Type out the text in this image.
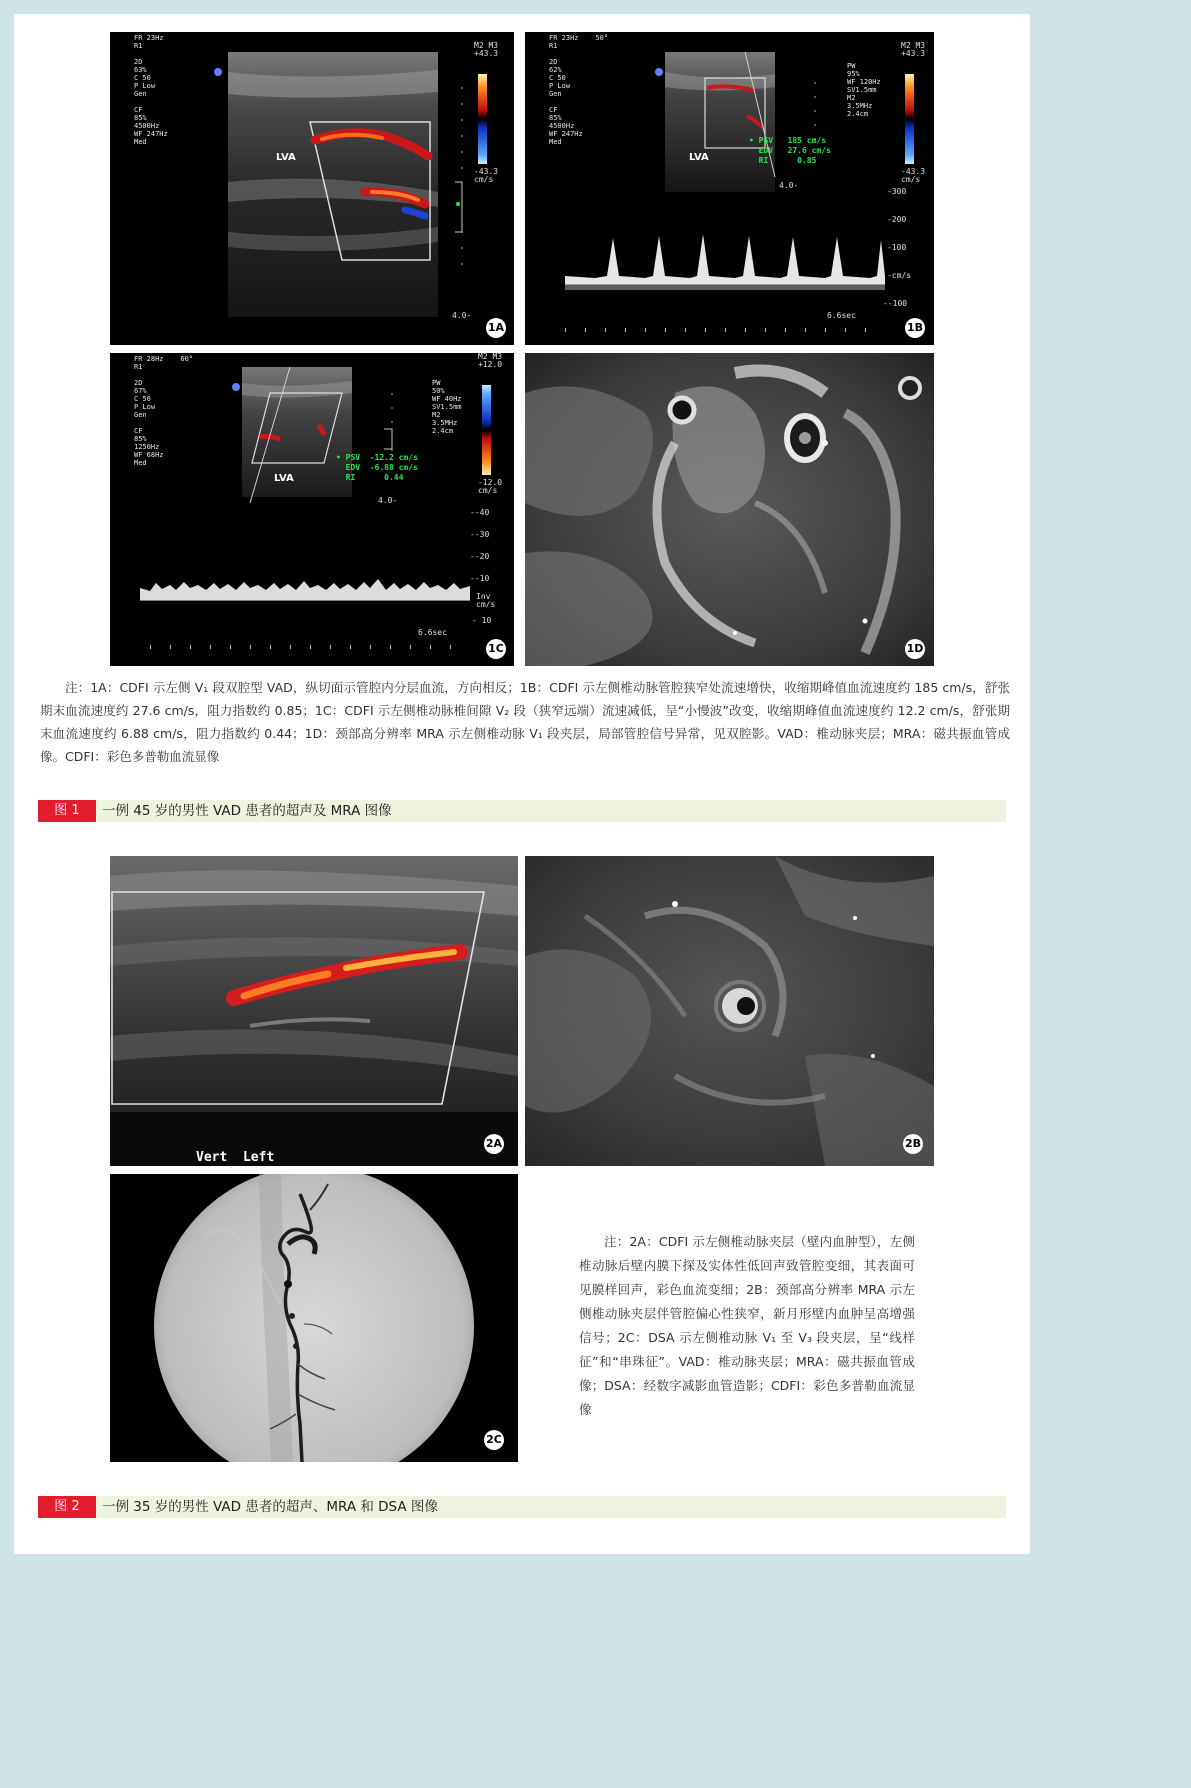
FR 23Hz
R1

2D
63%
C 50
P Low
Gen

CF
85%
4500Hz
WF 247Hz
Med
LVA
M2 M3
+43.3
-43.3
cm/s
4.0-
1A
FR 23Hz    50°
R1

2D
62%
C 50
P Low
Gen

CF
85%
4500Hz
WF 247Hz
Med
PW
95%
WF 120Hz
SV1.5mm
M2
3.5MHz
2.4cm
LVA
• PSV   185 cm/s
EDV   27.6 cm/s
RI      0.85
M2 M3
+43.3
-43.3
cm/s
4.0-
-300
-200
-100
-cm/s
--100
6.6sec
1B
FR 28Hz    60°
R1

2D
67%
C 50
P Low
Gen

CF
85%
1250Hz
WF 68Hz
Med
PW
50%
WF 40Hz
SV1.5mm
M2
3.5MHz
2.4cm
LVA
• PSV  -12.2 cm/s
EDV  -6.88 cm/s
RI      0.44
M2 M3
+12.0
-12.0
cm/s
4.0-
--40
--30
--20
--10
Inv
cm/s
- 10
6.6sec
1C	1D
注：1A：CDFI 示左侧 V₁ 段双腔型 VAD，纵切面示管腔内分层血流，方向相反；1B：CDFI 示左侧椎动脉管腔狭窄处流速增快，收缩期峰值血流速度约 185 cm/s，舒张期末血流速度约 27.6 cm/s，阻力指数约 0.85；1C：CDFI 示左侧椎动脉椎间隙 V₂ 段（狭窄远端）流速减低，呈“小慢波”改变，收缩期峰值血流速度约 12.2 cm/s，舒张期末血流速度约 6.88 cm/s，阻力指数约 0.44；1D：颈部高分辨率 MRA 示左侧椎动脉 V₁ 段夹层，局部管腔信号异常，见双腔影。VAD：椎动脉夹层；MRA：磁共振血管成像。CDFI：彩色多普勒血流显像
图 1	一例 45 岁的男性 VAD 患者的超声及 MRA 图像
Vert  Left
2A	2B
2C
注：2A：CDFI 示左侧椎动脉夹层（壁内血肿型），左侧椎动脉后壁内膜下探及实体性低回声致管腔变细，其表面可见膜样回声，彩色血流变细；2B：颈部高分辨率 MRA 示左侧椎动脉夹层伴管腔偏心性狭窄，新月形壁内血肿呈高增强信号；2C：DSA 示左侧椎动脉 V₁ 至 V₃ 段夹层，呈“线样征”和“串珠征”。VAD：椎动脉夹层；MRA：磁共振血管成像；DSA：经数字减影血管造影；CDFI：彩色多普勒血流显像
图 2	一例 35 岁的男性 VAD 患者的超声、MRA 和 DSA 图像
